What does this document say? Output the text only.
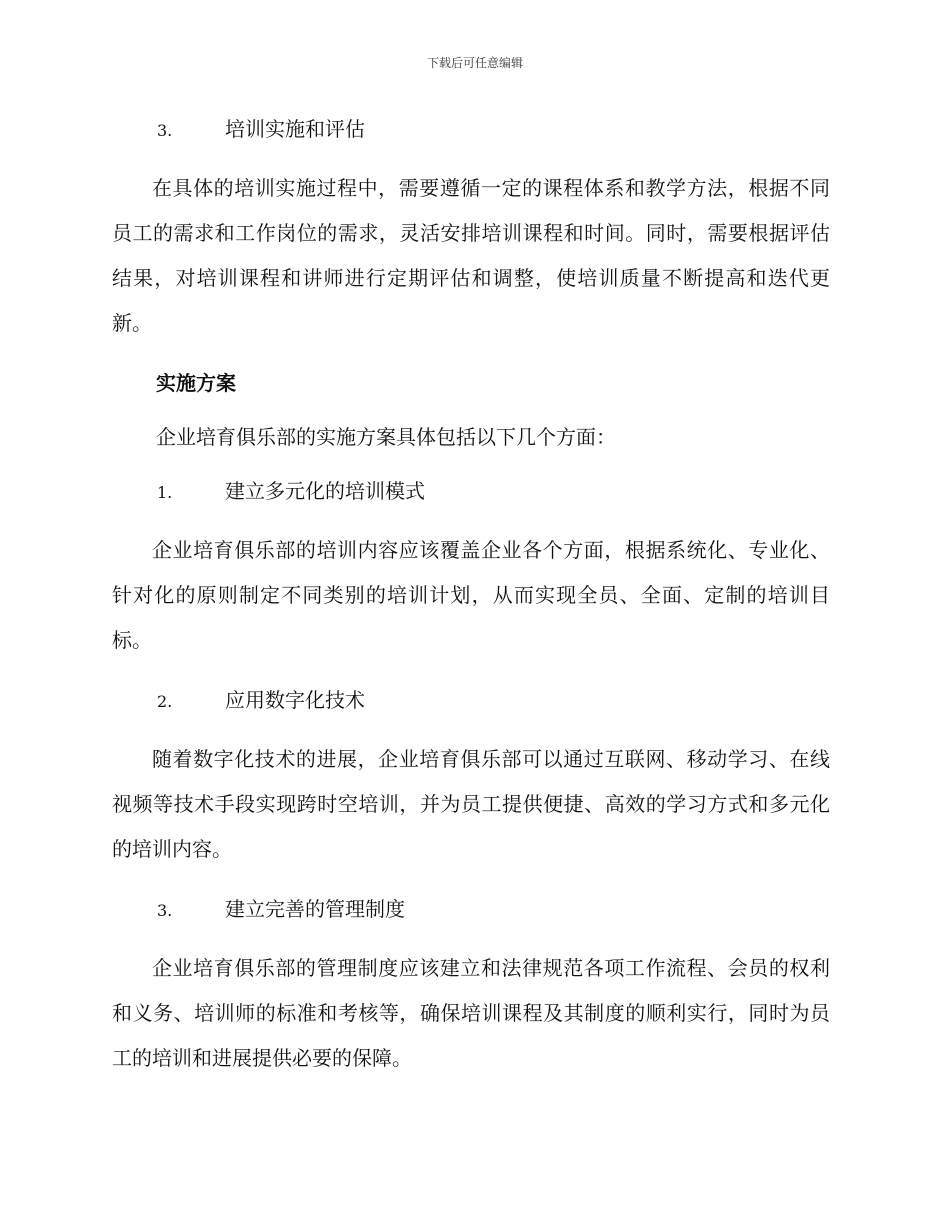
下载后可任意编辑
3.	培训实施和评估

在具体的培训实施过程中，需要遵循一定的课程体系和教学方法，根据不同员工的需求和工作岗位的需求，灵活安排培训课程和时间。同时，需要根据评估结果，对培训课程和讲师进行定期评估和调整，使培训质量不断提高和迭代更新。

实施方案
企业培育俱乐部的实施方案具体包括以下几个方面：
1.	建立多元化的培训模式

企业培育俱乐部的培训内容应该覆盖企业各个方面，根据系统化、专业化、针对化的原则制定不同类别的培训计划，从而实现全员、全面、定制的培训目标。

2.	应用数字化技术

随着数字化技术的进展，企业培育俱乐部可以通过互联网、移动学习、在线视频等技术手段实现跨时空培训，并为员工提供便捷、高效的学习方式和多元化的培训内容。

3.	建立完善的管理制度

企业培育俱乐部的管理制度应该建立和法律规范各项工作流程、会员的权利和义务、培训师的标准和考核等，确保培训课程及其制度的顺利实行，同时为员工的培训和进展提供必要的保障。
